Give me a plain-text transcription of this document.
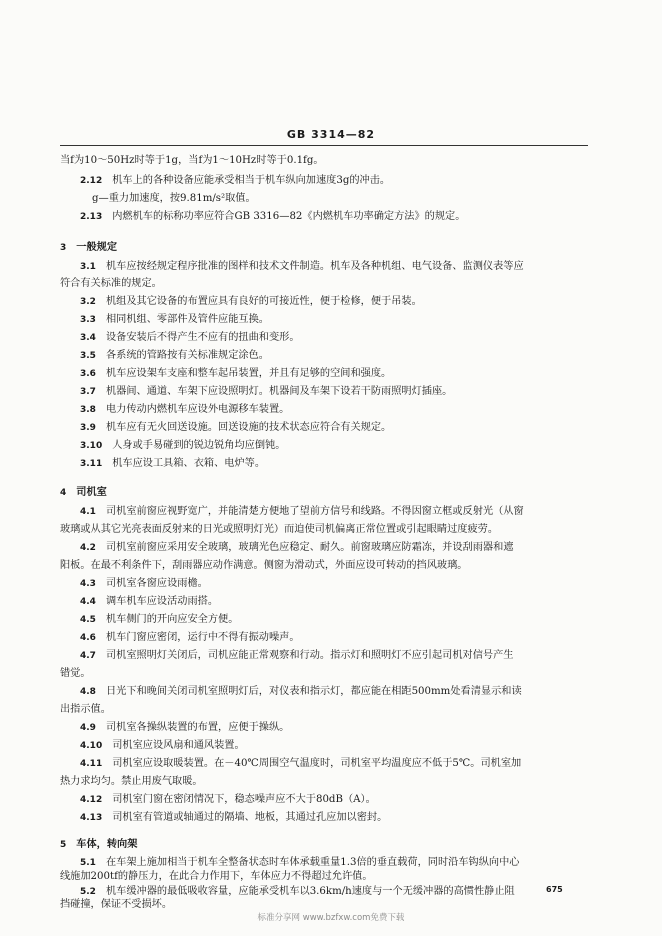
GB 3314—82
当f为10～50Hz时等于1g，当f为1～10Hz时等于0.1fg。
2.12 机车上的各种设备应能承受相当于机车纵向加速度3g的冲击。
g—重力加速度，按9.81m/s²取值。
2.13 内燃机车的标称功率应符合GB 3316—82《内燃机车功率确定方法》的规定。
3 一般规定
3.1 机车应按经规定程序批准的图样和技术文件制造。机车及各种机组、电气设备、监测仪表等应
符合有关标准的规定。
3.2 机组及其它设备的布置应具有良好的可接近性，便于检修，便于吊装。
3.3 相同机组、零部件及管件应能互换。
3.4 设备安装后不得产生不应有的扭曲和变形。
3.5 各系统的管路按有关标准规定涂色。
3.6 机车应设架车支座和整车起吊装置，并且有足够的空间和强度。
3.7 机器间、通道、车架下应设照明灯。机器间及车架下设若干防雨照明灯插座。
3.8 电力传动内燃机车应设外电源移车装置。
3.9 机车应有无火回送设施。回送设施的技术状态应符合有关规定。
3.10 人身或手易碰到的锐边锐角均应倒钝。
3.11 机车应设工具箱、衣箱、电炉等。
4 司机室
4.1 司机室前窗应视野宽广，并能清楚方便地了望前方信号和线路。不得因窗立框或反射光（从窗
玻璃或从其它光亮表面反射来的日光或照明灯光）而迫使司机偏离正常位置或引起眼睛过度疲劳。
4.2 司机室前窗应采用安全玻璃，玻璃光色应稳定、耐久。前窗玻璃应防霜冻，并设刮雨器和遮
阳板。在最不利条件下，刮雨器应动作满意。侧窗为滑动式，外面应设可转动的挡风玻璃。
4.3 司机室各窗应设雨檐。
4.4 调车机车应设活动雨搭。
4.5 机车侧门的开向应安全方便。
4.6 机车门窗应密闭，运行中不得有振动噪声。
4.7 司机室照明灯关闭后，司机应能正常观察和行动。指示灯和照明灯不应引起司机对信号产生
错觉。
4.8 日光下和晚间关闭司机室照明灯后，对仪表和指示灯，都应能在相距500mm处看清显示和读
出指示值。
4.9 司机室各操纵装置的布置，应便于操纵。
4.10 司机室应设风扇和通风装置。
4.11 司机室应设取暖装置。在－40℃周围空气温度时，司机室平均温度应不低于5℃。司机室加
热力求均匀。禁止用废气取暖。
4.12 司机室门窗在密闭情况下，稳态噪声应不大于80dB（A）。
4.13 司机室有管道或轴通过的隔墙、地板，其通过孔应加以密封。
5 车体，转向架
5.1 在车架上施加相当于机车全整备状态时车体承载重量1.3倍的垂直载荷，同时沿车钩纵向中心
线施加200tf的静压力，在此合力作用下，车体应力不得超过允许值。
5.2 机车缓冲器的最低吸收容量，应能承受机车以3.6km/h速度与一个无缓冲器的高惯性静止阻
挡碰撞，保证不受损坏。
675
标准分享网 www.bzfxw.com免费下载
